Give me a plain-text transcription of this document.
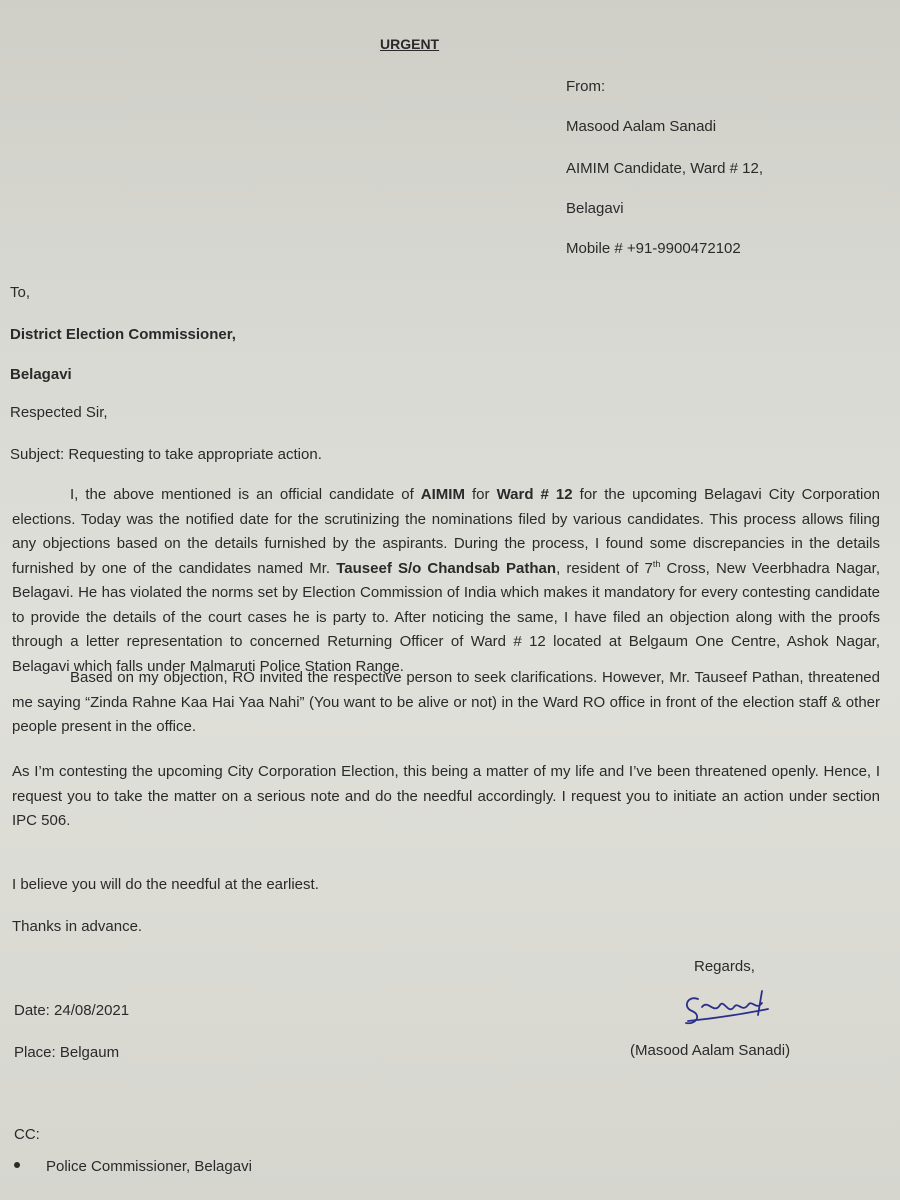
URGENT
From:
Masood Aalam Sanadi
AIMIM Candidate, Ward # 12,
Belagavi
Mobile # +91-9900472102
To,
District Election Commissioner,
Belagavi
Respected Sir,
Subject: Requesting to take appropriate action.
I, the above mentioned is an official candidate of AIMIM for Ward # 12 for the upcoming Belagavi City Corporation elections. Today was the notified date for the scrutinizing the nominations filed by various candidates. This process allows filing any objections based on the details furnished by the aspirants. During the process, I found some discrepancies in the details furnished by one of the candidates named Mr. Tauseef S/o Chandsab Pathan, resident of 7th Cross, New Veerbhadra Nagar, Belagavi. He has violated the norms set by Election Commission of India which makes it mandatory for every contesting candidate to provide the details of the court cases he is party to. After noticing the same, I have filed an objection along with the proofs through a letter representation to concerned Returning Officer of Ward # 12 located at Belgaum One Centre, Ashok Nagar, Belagavi which falls under Malmaruti Police Station Range.
Based on my objection, RO invited the respective person to seek clarifications. However, Mr. Tauseef Pathan, threatened me saying “Zinda Rahne Kaa Hai Yaa Nahi” (You want to be alive or not) in the Ward RO office in front of the election staff & other people present in the office.
As I’m contesting the upcoming City Corporation Election, this being a matter of my life and I’ve been threatened openly. Hence, I request you to take the matter on a serious note and do the needful accordingly. I request you to initiate an action under section IPC 506.
I believe you will do the needful at the earliest.
Thanks in advance.
Regards,
Date: 24/08/2021
Place: Belgaum	(Masood Aalam Sanadi)
CC:
Police Commissioner, Belagavi
